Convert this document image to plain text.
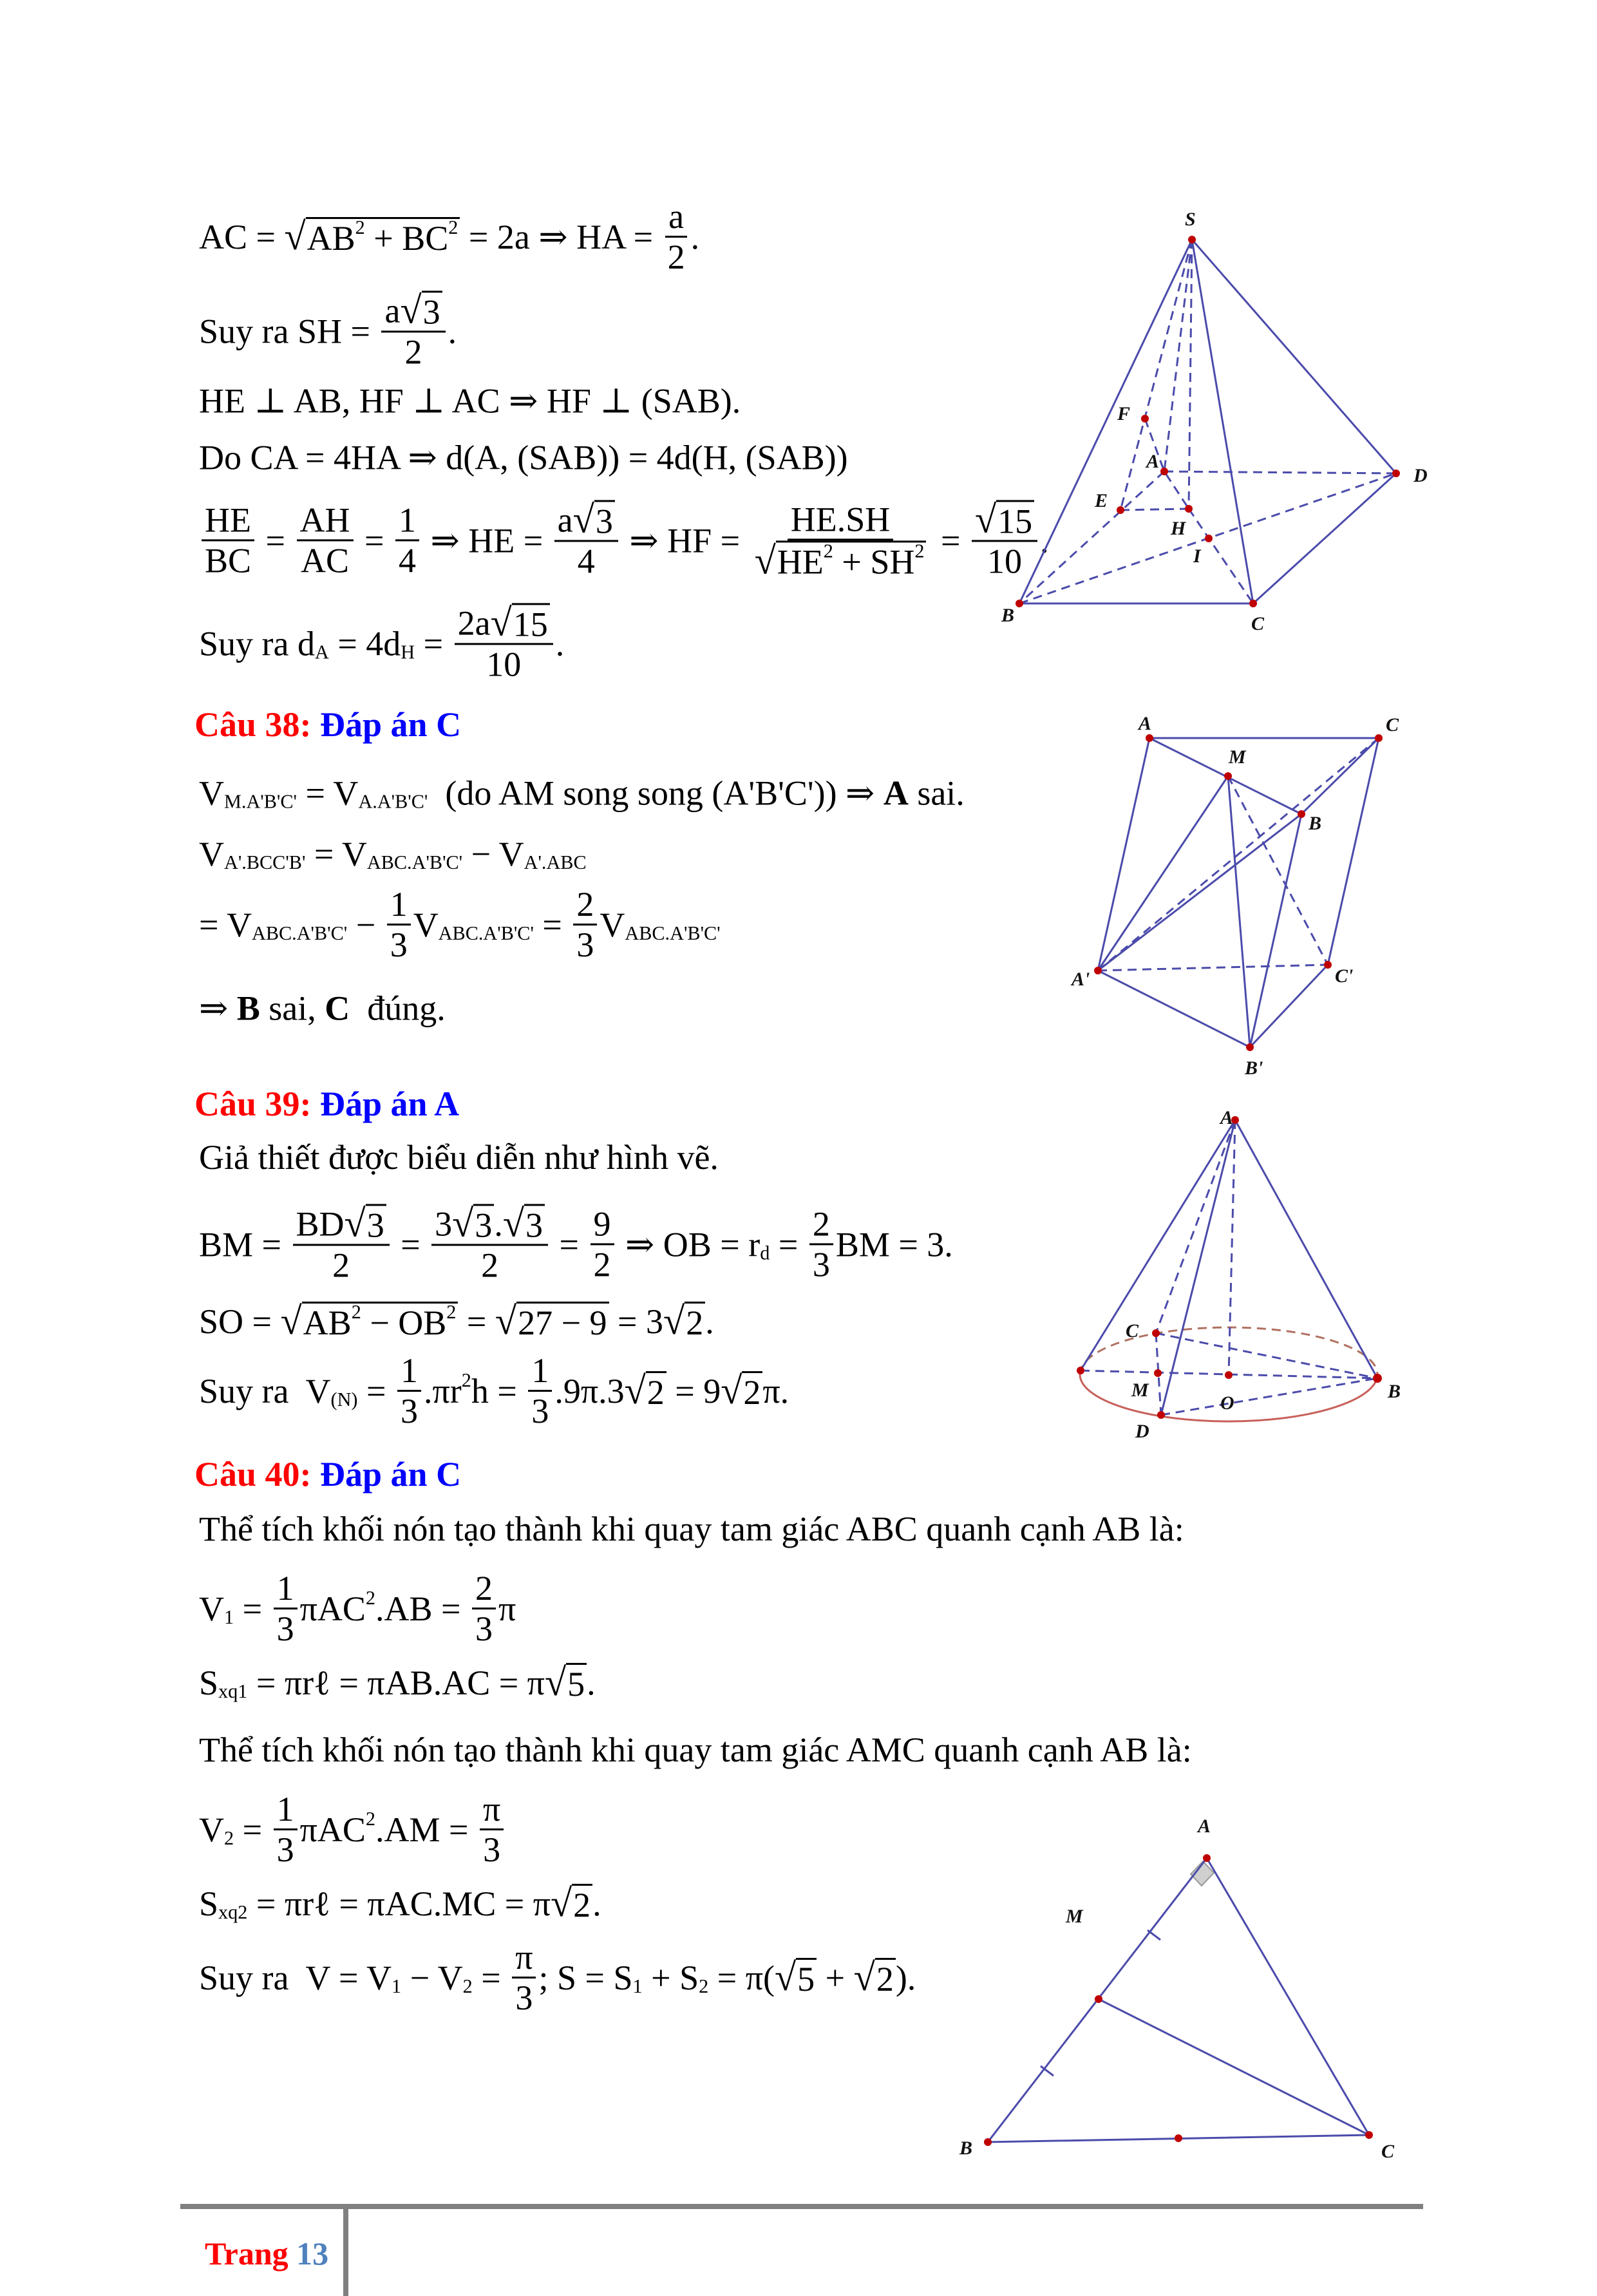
Câu 38: Đáp án C
Câu 39: Đáp án A
Câu 40: Đáp án C
AC = √ AB 2 + BC 2 = 2a ⇒ HA = $\frac{a}{2}$ .
Suy ra SH = $\frac{a √ 3}{2}$ .
HE ⊥ AB, HF ⊥ AC ⇒ HF ⊥ (SAB).
Do CA = 4HA ⇒ d(A, (SAB)) = 4d(H, (SAB))
$\frac{HE}{BC} = \frac{AH}{AC} = \frac{1}{4}$ ⇒ HE = $\frac{a √ 3}{4}$ ⇒ HF = $\frac{HE.SH}{√ HE 2 + SH 2} = \frac{√ 15}{10}$ .
Suy ra d A = 4d $H = \frac{2a √ 15}{10}$ .
V M.A'B'C' = V A.A'B'C' (do AM song song (A'B'C')) ⇒ A sai.
V A'.BCC'B' = V ABC.A'B'C' − V A'.ABC
= V $ABC.A'B'C' - \frac{1}{3}$ V $ABC.A'B'C' = \frac{2}{3}$ V ABC.A'B'C'
⇒ B sai, C đúng.
Giả thiết được biểu diễn như hình vẽ.
BM = $\frac{BD √ 3}{2} = \frac{3 √ 3 . √ 3}{2} = \frac{9}{2}$ ⇒ OB = r $d = \frac{2}{3}$ BM = 3.
SO = √ AB 2 − OB 2 = √ 27 − 9 = 3 √ 2 .
Suy ra  V $(N) = \frac{1}{3} .\pi r$ 2 $h = \frac{1}{3} .9\pi.3$ √ 2 = 9 √ 2 π.
Thể tích khối nón tạo thành khi quay tam giác ABC quanh cạnh AB là:
V $1 = \frac{1}{3}$ πAC 2 $.AB = \frac{2}{3}$ π
S xq1 = πrℓ = πAB.AC = π √ 5 .
Thể tích khối nón tạo thành khi quay tam giác AMC quanh cạnh AB là:
V $2 = \frac{1}{3}$ πAC 2 $.AM = \frac{\pi}{3}$
S xq2 = πrℓ = πAC.MC = π √ 2 .
Suy ra  V = V 1 − V $2 = \frac{\pi}{3}$ ; S = S 1 + S 2 = π( √ 5 + √ 2 ).
S
F
A
E
H
I
B	C
D
A	C
M
B
A'	C'
B'
A
C
M
O
B
D
A
M
B	C
Trang 13
